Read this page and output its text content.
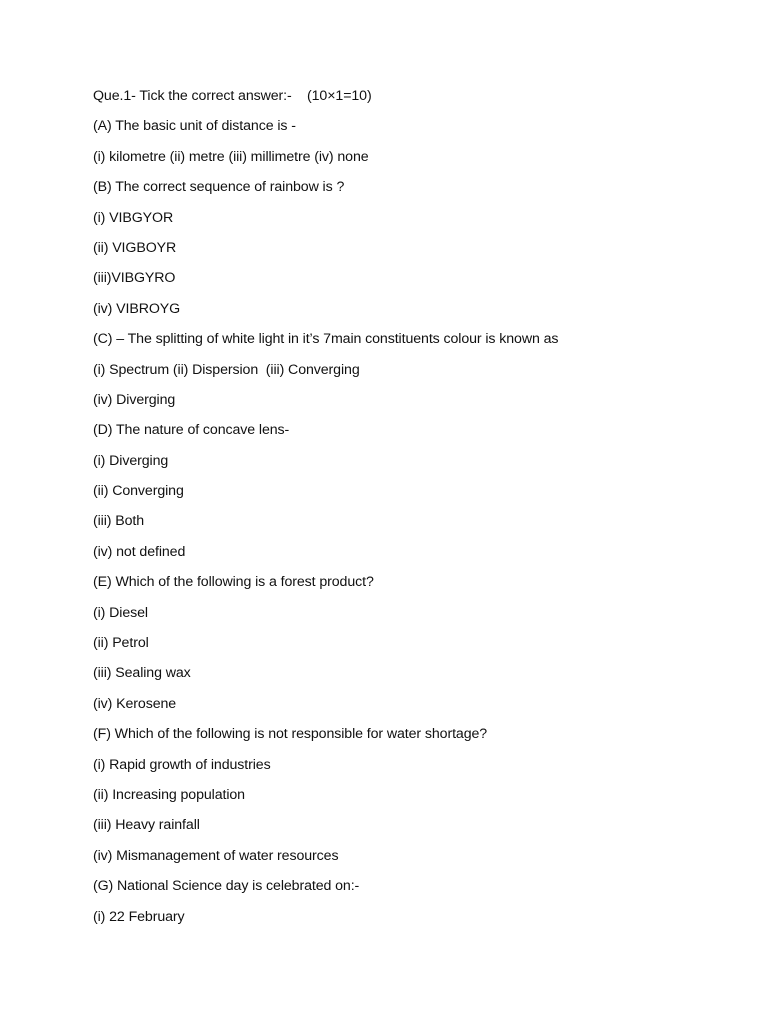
Que.1- Tick the correct answer:-    (10×1=10)
(A) The basic unit of distance is -
(i) kilometre (ii) metre (iii) millimetre (iv) none
(B) The correct sequence of rainbow is ?
(i) VIBGYOR
(ii) VIGBOYR
(iii)VIBGYRO
(iv) VIBROYG
(C) – The splitting of white light in it’s 7main constituents colour is known as
(i) Spectrum (ii) Dispersion  (iii) Converging
(iv) Diverging
(D) The nature of concave lens-
(i) Diverging
(ii) Converging
(iii) Both
(iv) not defined
(E) Which of the following is a forest product?
(i) Diesel
(ii) Petrol
(iii) Sealing wax
(iv) Kerosene
(F) Which of the following is not responsible for water shortage?
(i) Rapid growth of industries
(ii) Increasing population
(iii) Heavy rainfall
(iv) Mismanagement of water resources
(G) National Science day is celebrated on:-
(i) 22 February
